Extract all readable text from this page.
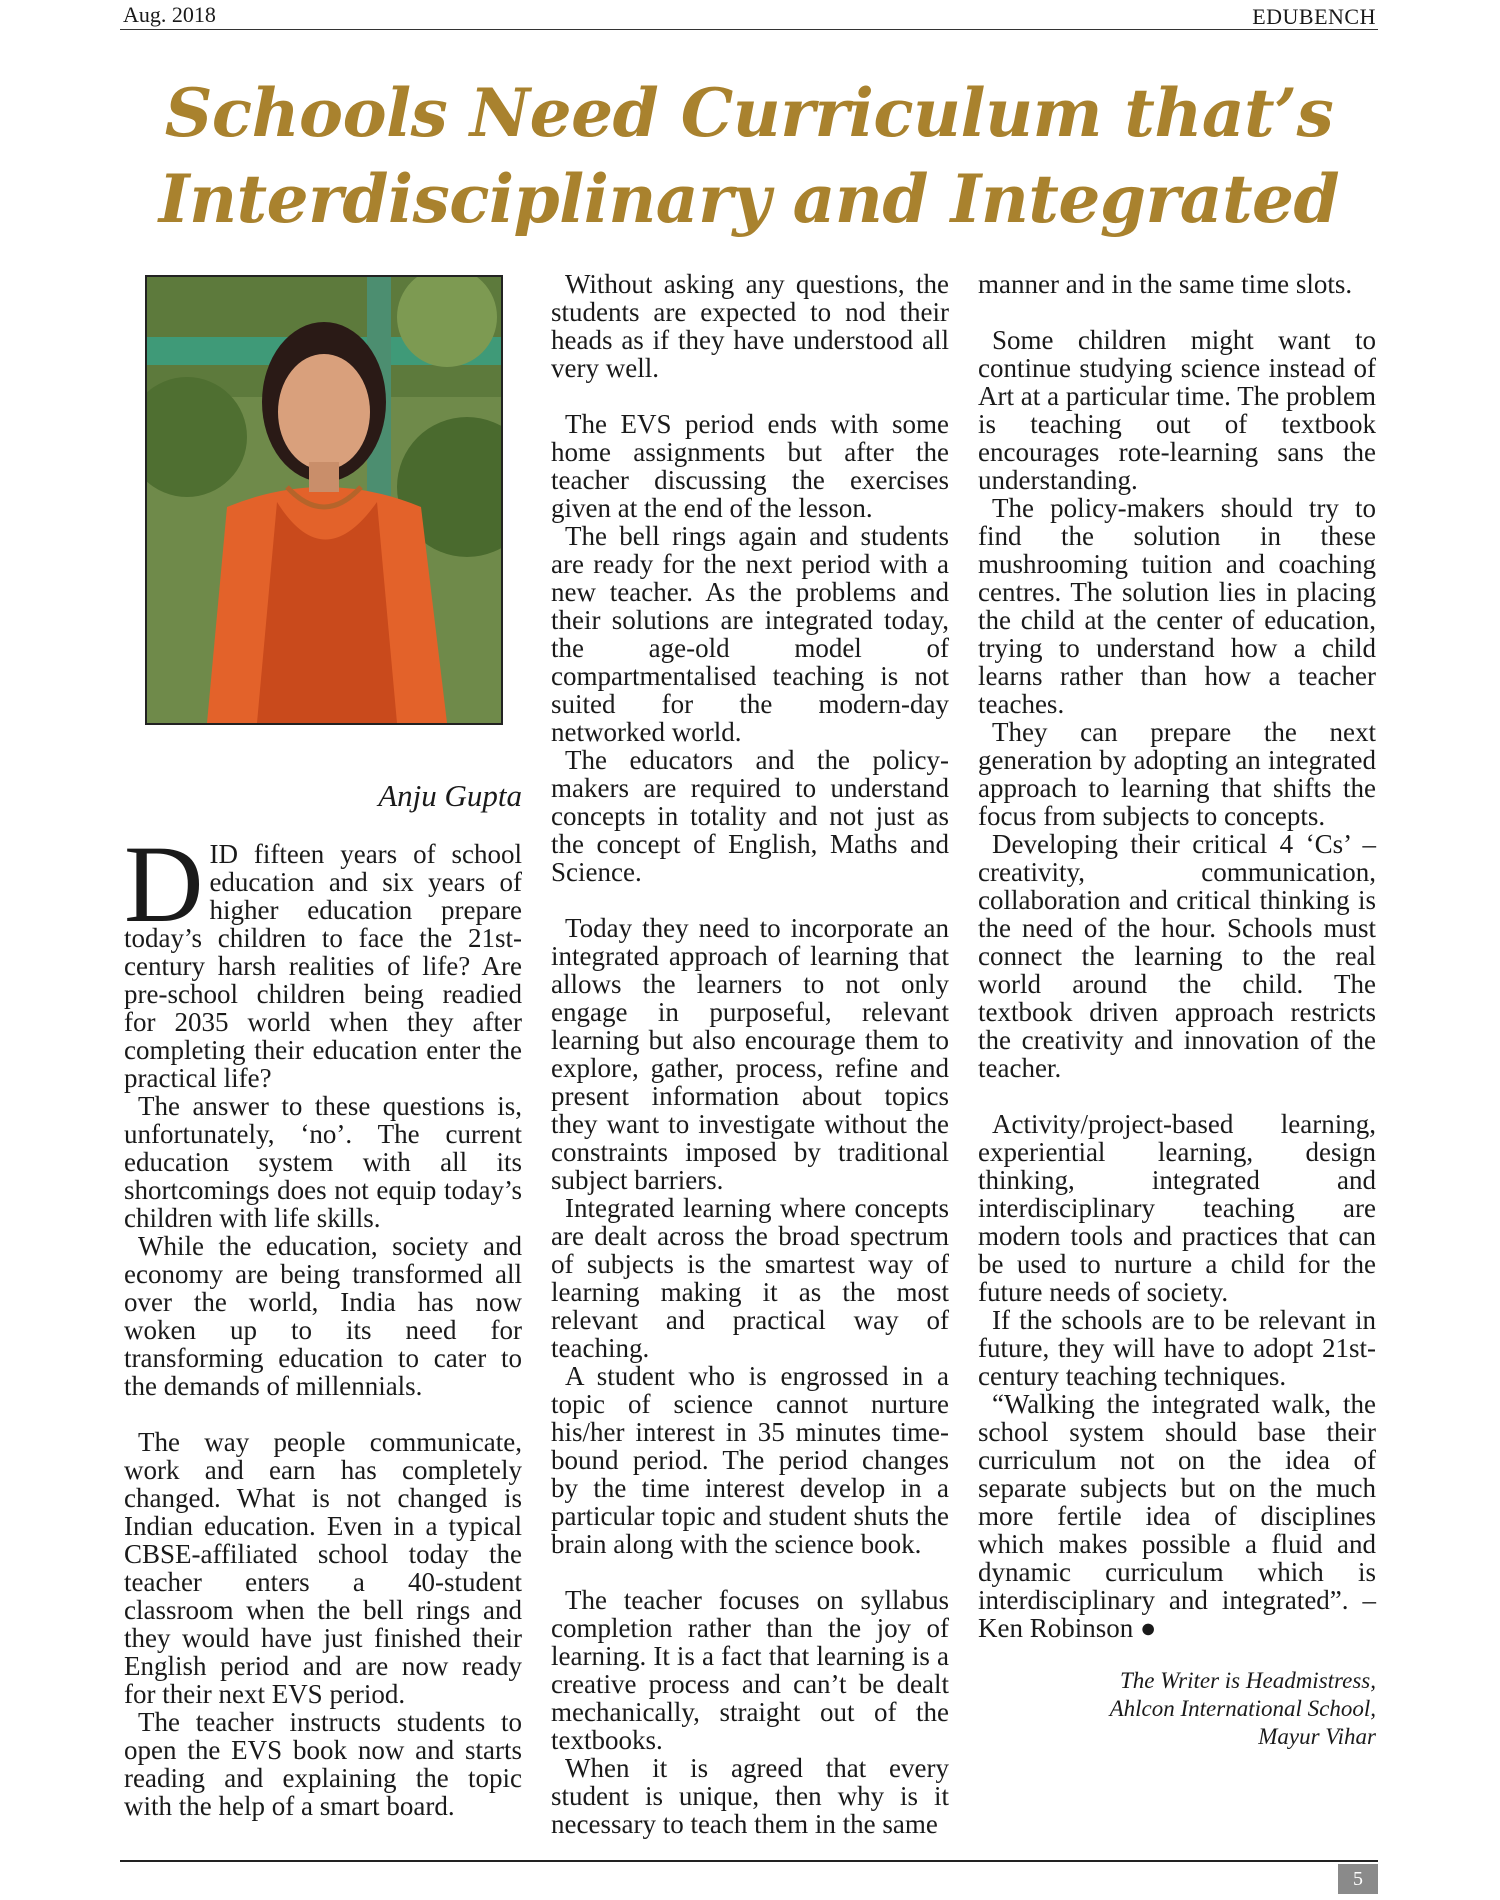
Aug. 2018	EDUBENCH
Schools Need Curriculum that’s
Interdisciplinary and Integrated
Anju Gupta

DID fifteen years of school education and six years of higher education prepare today’s children to face the 21st-century harsh realities of life? Are pre-school children being readied for 2035 world when they after completing their education enter the practical life?

The answer to these questions is, unfortunately, ‘no’. The current education system with all its shortcomings does not equip today’s children with life skills.

While the education, society and economy are being transformed all over the world, India has now woken up to its need for transforming education to cater to the demands of millennials.

The way people communicate, work and earn has completely changed. What is not changed is Indian education. Even in a typical CBSE-affiliated school today the teacher enters a 40-student classroom when the bell rings and they would have just finished their English period and are now ready for their next EVS period.

The teacher instructs students to open the EVS book now and starts reading and explaining the topic with the help of a smart board.

Without asking any questions, the students are expected to nod their heads as if they have understood all very well.

The EVS period ends with some home assignments but after the teacher discussing the exercises given at the end of the lesson.

The bell rings again and students are ready for the next period with a new teacher. As the problems and their solutions are integrated today, the age-old model of compartmentalised teaching is not suited for the modern-day networked world.

The educators and the policy-makers are required to understand concepts in totality and not just as the concept of English, Maths and Science.

Today they need to incorporate an integrated approach of learning that allows the learners to not only engage in purposeful, relevant learning but also encourage them to explore, gather, process, refine and present information about topics they want to investigate without the constraints imposed by traditional subject barriers.

Integrated learning where concepts are dealt across the broad spectrum of subjects is the smartest way of learning making it as the most relevant and practical way of teaching.

A student who is engrossed in a topic of science cannot nurture his/her interest in 35 minutes time-bound period. The period changes by the time interest develop in a particular topic and student shuts the brain along with the science book.

The teacher focuses on syllabus completion rather than the joy of learning. It is a fact that learning is a creative process and can’t be dealt mechanically, straight out of the textbooks.

When it is agreed that every student is unique, then why is it necessary to teach them in the same

manner and in the same time slots.

Some children might want to continue studying science instead of Art at a particular time. The problem is teaching out of textbook encourages rote-learning sans the understanding.

The policy-makers should try to find the solution in these mushrooming tuition and coaching centres. The solution lies in placing the child at the center of education, trying to understand how a child learns rather than how a teacher teaches.

They can prepare the next generation by adopting an integrated approach to learning that shifts the focus from subjects to concepts.

Developing their critical 4 ‘Cs’ – creativity, communication, collaboration and critical thinking is the need of the hour. Schools must connect the learning to the real world around the child. The textbook driven approach restricts the creativity and innovation of the teacher.

Activity/project-based learning, experiential learning, design thinking, integrated and interdisciplinary teaching are modern tools and practices that can be used to nurture a child for the future needs of society.

If the schools are to be relevant in future, they will have to adopt 21st-century teaching techniques.

“Walking the integrated walk, the school system should base their curriculum not on the idea of separate subjects but on the much more fertile idea of disciplines which makes possible a fluid and dynamic curriculum which is interdisciplinary and integrated”. – Ken Robinson ●

The Writer is Headmistress,
Ahlcon International School,
Mayur Vihar
5
